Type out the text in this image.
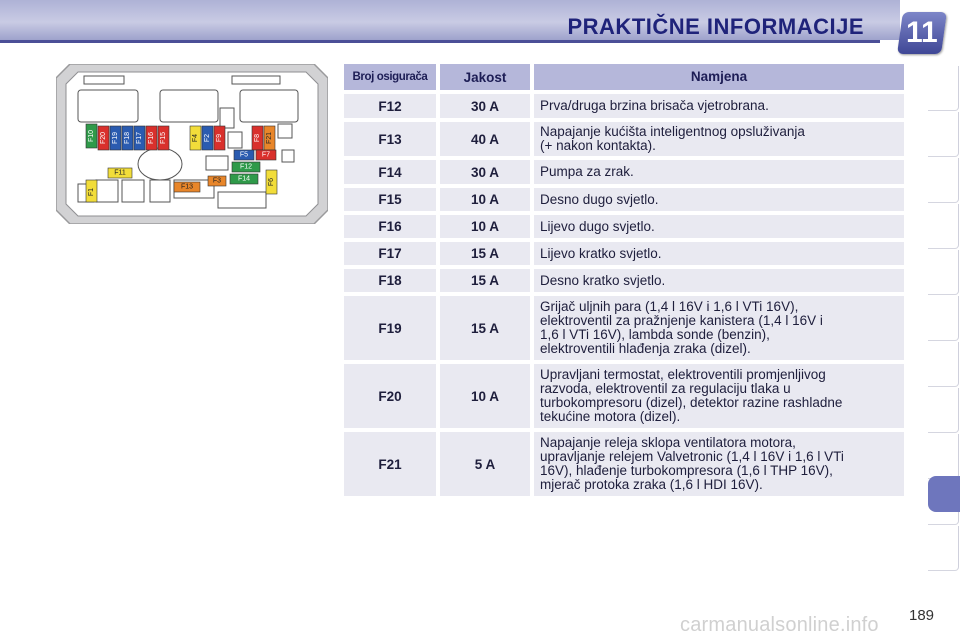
PRAKTIČNE INFORMACIJE 11
F10 F20 F19 F18 F17 F16 F15	F4 F2 F9	F8 F21
F1
F6
F5 F7
F12
F11
F3 F14
F13
Broj osigurača	Jakost	Namjena
F12	30 A	Prva/druga brzina brisača vjetrobrana.
F13	40 A	Napajanje kućišta inteligentnog opsluživanja
(+ nakon kontakta).
F14	30 A	Pumpa za zrak.
F15	10 A	Desno dugo svjetlo.
F16	10 A	Lijevo dugo svjetlo.
F17	15 A	Lijevo kratko svjetlo.
F18	15 A	Desno kratko svjetlo.
F19	15 A
Grijač uljnih para (1,4 l 16V i 1,6 l VTi 16V),
elektroventil za pražnjenje kanistera (1,4 l 16V i
1,6 l VTi 16V), lambda sonde (benzin),
elektroventili hlađenja zraka (dizel).
F20	10 A
Upravljani termostat, elektroventili promjenljivog
razvoda, elektroventil za regulaciju tlaka u
turbokompresoru (dizel), detektor razine rashladne
tekućine motora (dizel).
F21	5 A
Napajanje releja sklopa ventilatora motora,
upravljanje relejem Valvetronic (1,4 l 16V i 1,6 l VTi
16V), hlađenje turbokompresora (1,6 l THP 16V),
mjerač protoka zraka (1,6 l HDI 16V).
189
carmanualsonline.info
